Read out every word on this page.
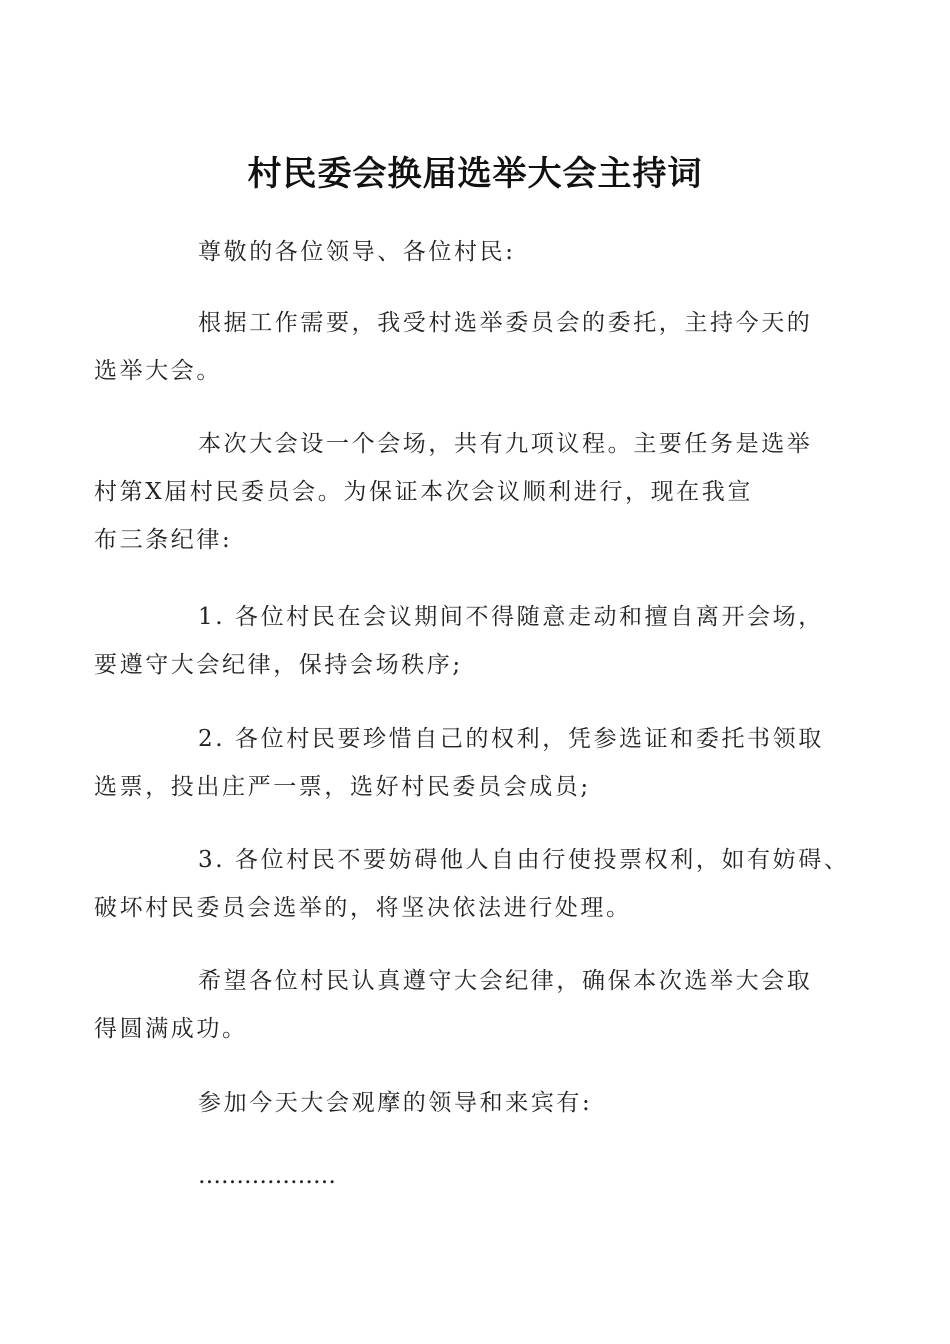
村民委会换届选举大会主持词
尊敬的各位领导、各位村民:
根据工作需要，我受村选举委员会的委托，主持今天的
选举大会。
本次大会设一个会场，共有九项议程。主要任务是选举
村第X届村民委员会。为保证本次会议顺利进行，现在我宣
布三条纪律:
1. 各位村民在会议期间不得随意走动和擅自离开会场，
要遵守大会纪律，保持会场秩序;
2. 各位村民要珍惜自己的权利，凭参选证和委托书领取
选票，投出庄严一票，选好村民委员会成员;
3. 各位村民不要妨碍他人自由行使投票权利，如有妨碍、
破坏村民委员会选举的，将坚决依法进行处理。
希望各位村民认真遵守大会纪律，确保本次选举大会取
得圆满成功。
参加今天大会观摩的领导和来宾有:
………………
